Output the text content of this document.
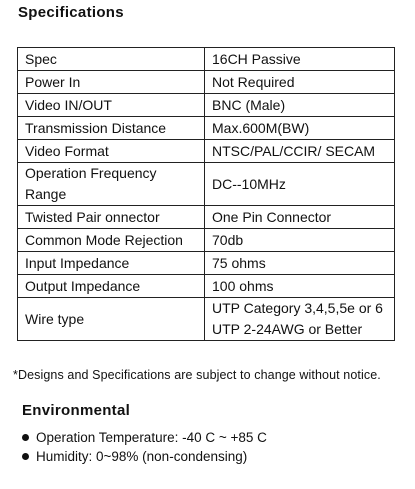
Specifications
Spec	16CH Passive
Power In	Not Required
Video IN/OUT	BNC (Male)
Transmission Distance	Max.600M(BW)
Video Format	NTSC/PAL/CCIR/ SECAM
Operation Frequency Range	DC--10MHz
Twisted Pair onnector	One Pin Connector
Common Mode Rejection	70db
Input Impedance	75 ohms
Output Impedance	100 ohms
Wire type	UTP Category 3,4,5,5e or 6
UTP 2-24AWG or Better
*Designs and Specifications are subject to change without notice.
Environmental
Operation Temperature: -40 C ~ +85 C
Humidity: 0~98% (non-condensing)
